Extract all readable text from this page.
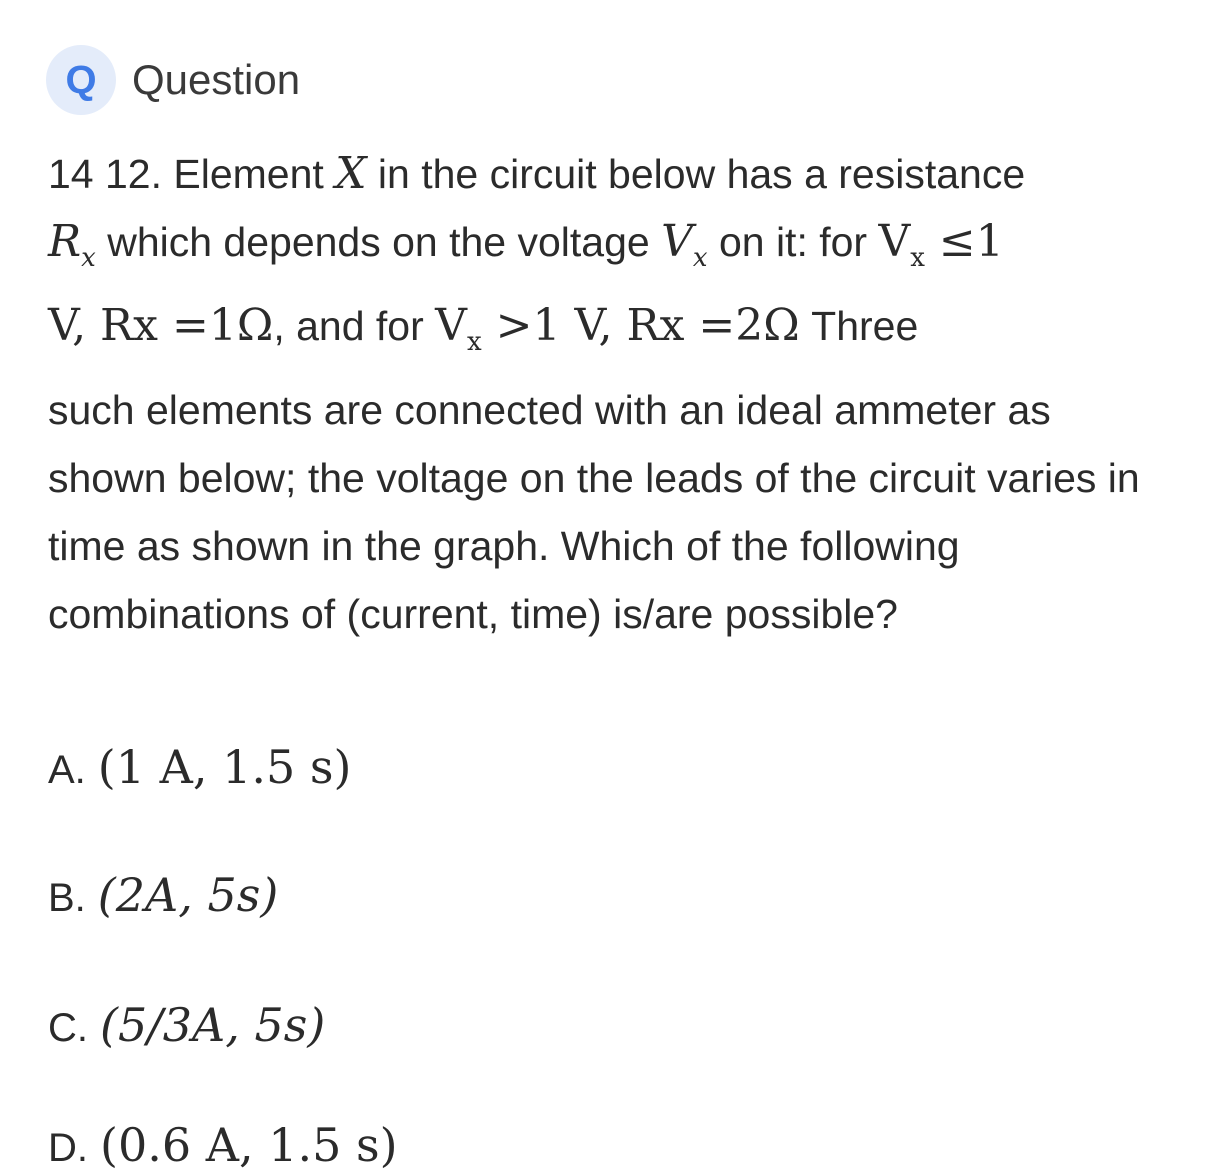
Q Question
14 12. Element X in the circuit below has a resistance
$R_x$ which depends on the voltage $V_x$ on it: for $V_x \le 1$
V, Rx =1Ω, and for $V_x >1$ V, Rx =2Ω Three
such elements are connected with an ideal ammeter as shown below; the voltage on the leads of the circuit varies in time as shown in the graph. Which of the following combinations of (current, time) is/are possible?
A. (1 A, 1.5 s)
B. (2A, 5s)
C. (5/3A, 5s)
D. (0.6 A, 1.5 s)
